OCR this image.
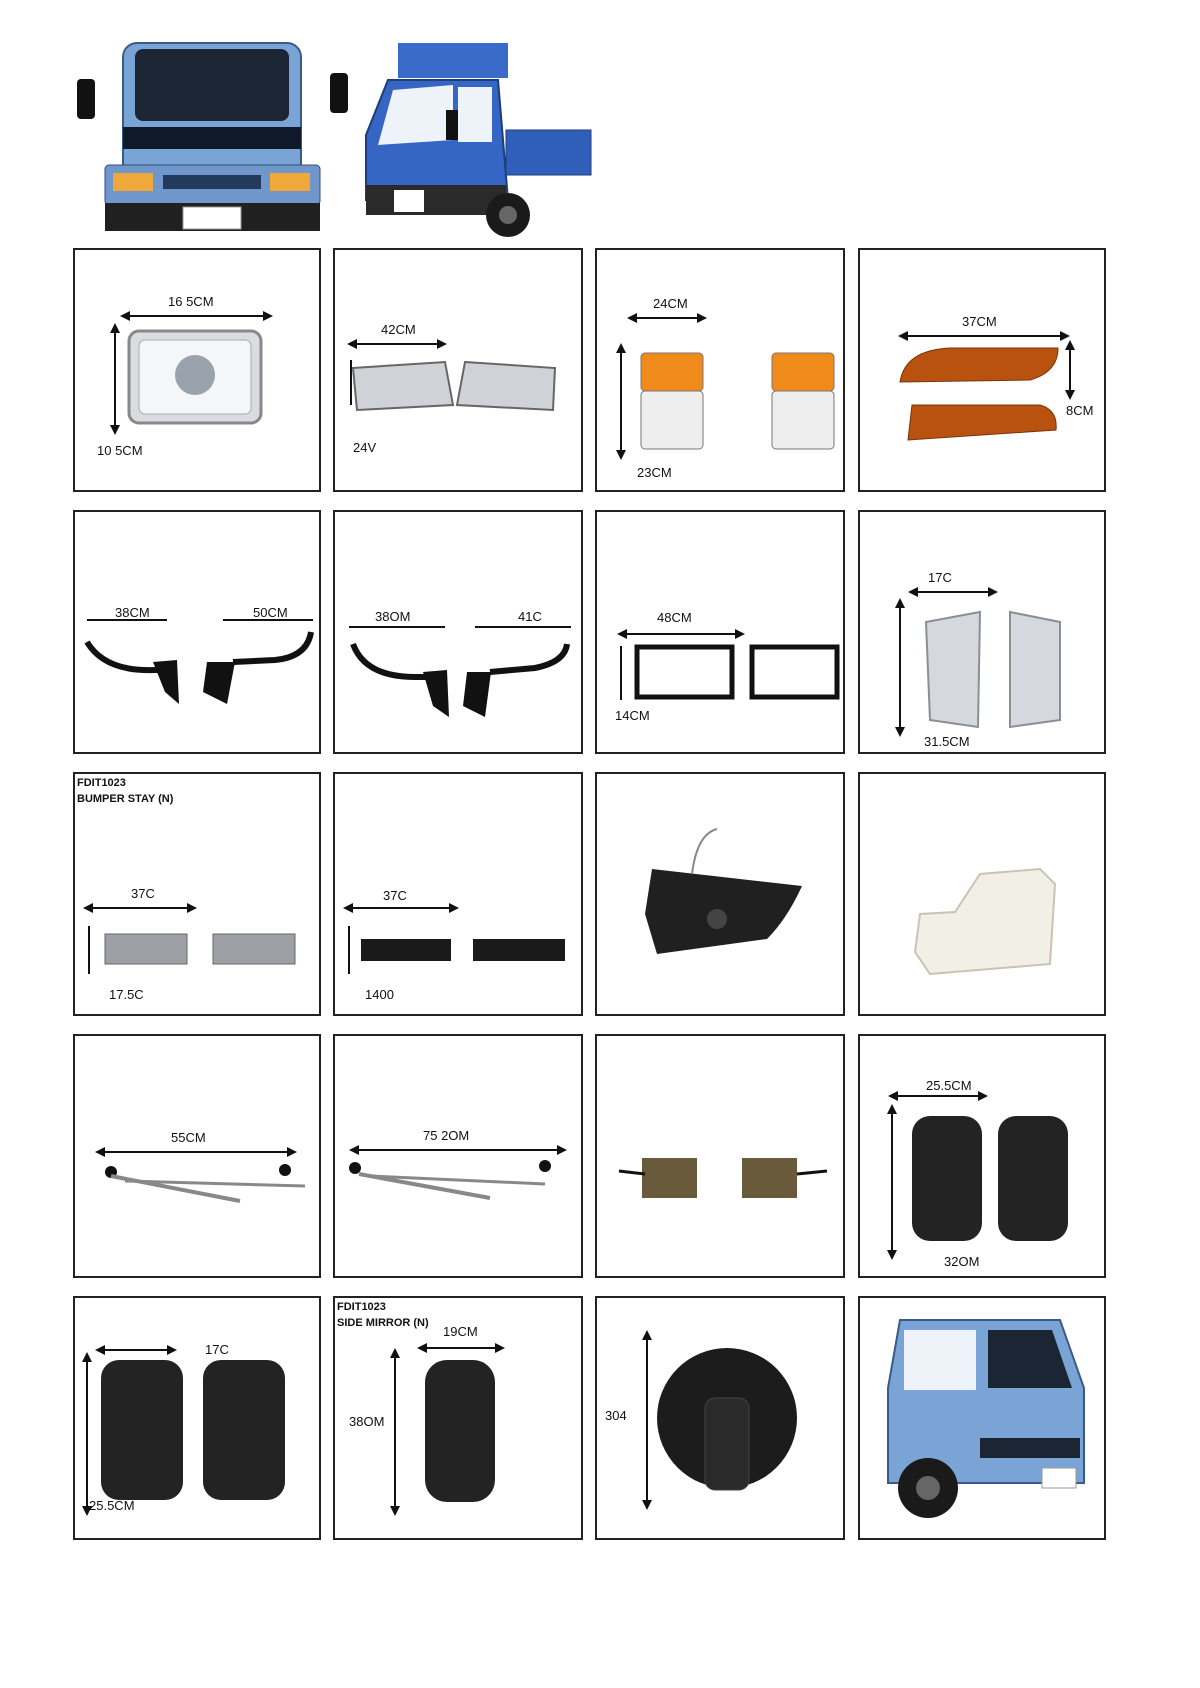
16 5CM
10 5CM
42CM
24V
24CM
23CM
37CM
8CM
38CM	50CM	38OM	41C	48CM
14CM
17C
31.5CM
FDIT1023
BUMPER STAY (N)
37C
17.5C
37C
1400
55CM	75 2OM
25.5CM
32OM
17C
25.5CM
FDIT1023
SIDE MIRROR (N)
19CM
38OM	304
